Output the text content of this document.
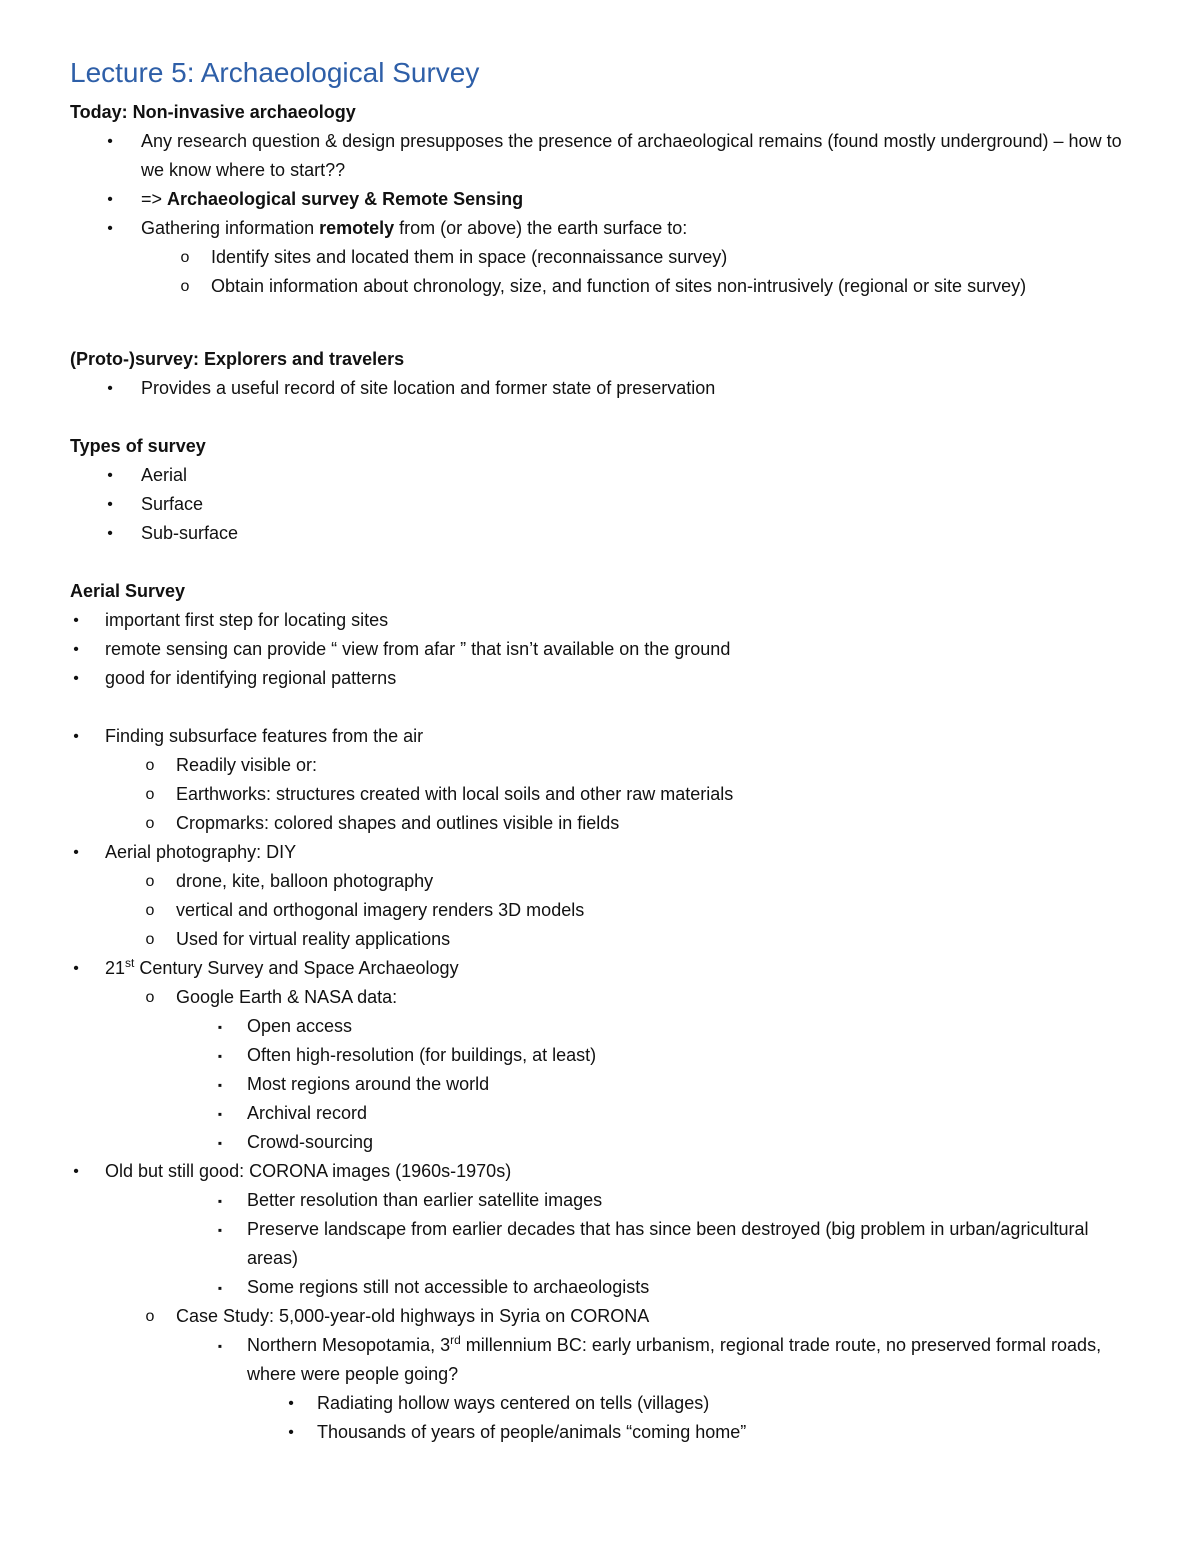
Lecture 5: Archaeological Survey
Today: Non-invasive archaeology
•	Any research question & design presupposes the presence of archaeological remains (found mostly underground) – how to we know where to start??
•	=> Archaeological survey & Remote Sensing
•	Gathering information remotely from (or above) the earth surface to:
o	Identify sites and located them in space (reconnaissance survey)
o	Obtain information about chronology, size, and function of sites non-intrusively (regional or site survey)
(Proto-)survey: Explorers and travelers
•	Provides a useful record of site location and former state of preservation
Types of survey
•	Aerial
•	Surface
•	Sub-surface
Aerial Survey
•	important first step for locating sites
•	remote sensing can provide “ view from afar ” that isn’t available on the ground
•	good for identifying regional patterns
•	Finding subsurface features from the air
o	Readily visible or:
o	Earthworks: structures created with local soils and other raw materials
o	Cropmarks: colored shapes and outlines visible in fields
•	Aerial photography: DIY
o	drone, kite, balloon photography
o	vertical and orthogonal imagery renders 3D models
o	Used for virtual reality applications
•	21st Century Survey and Space Archaeology
o	Google Earth & NASA data:
▪	Open access
▪	Often high-resolution (for buildings, at least)
▪	Most regions around the world
▪	Archival record
▪	Crowd-sourcing
•	Old but still good: CORONA images (1960s-1970s)
▪	Better resolution than earlier satellite images
▪	Preserve landscape from earlier decades that has since been destroyed (big problem in urban/agricultural areas)
▪	Some regions still not accessible to archaeologists
o	Case Study: 5,000-year-old highways in Syria on CORONA
▪	Northern Mesopotamia, 3rd millennium BC: early urbanism, regional trade route, no preserved formal roads, where were people going?
•	Radiating hollow ways centered on tells (villages)
•	Thousands of years of people/animals “coming home”
